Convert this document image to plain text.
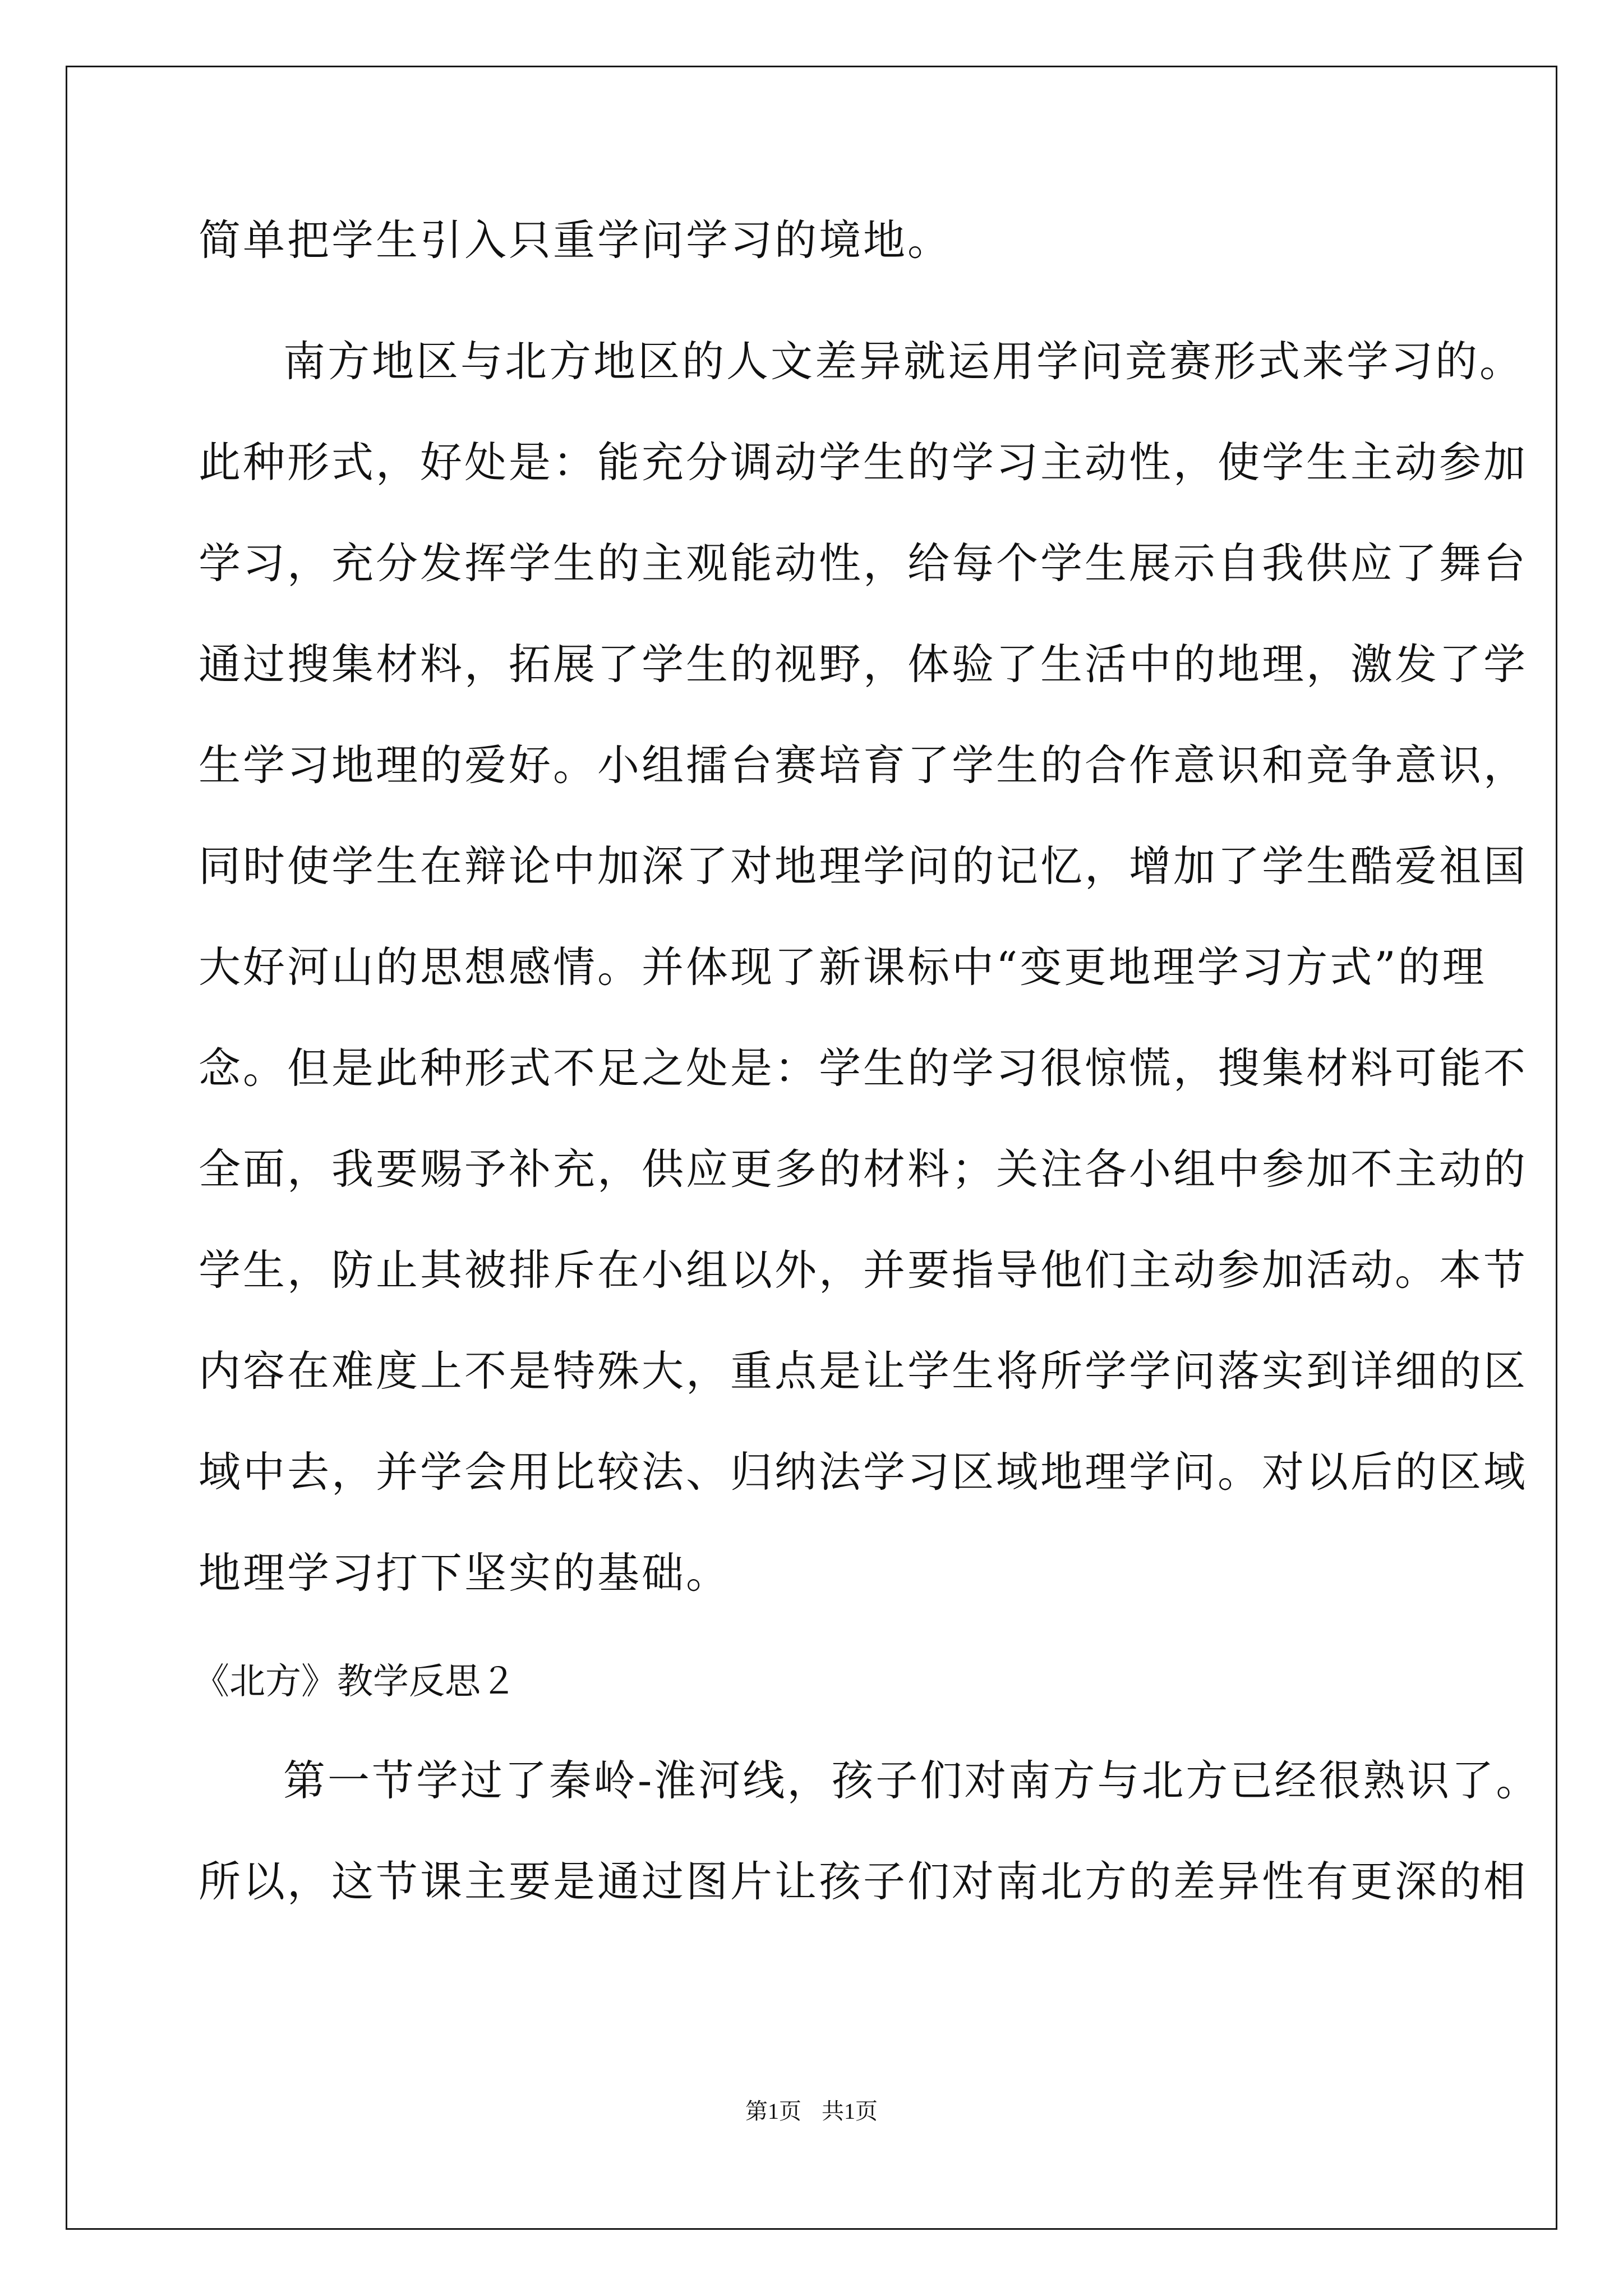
简单把学生引入只重学问学习的境地。

南方地区与北方地区的人文差异就运用学问竞赛形式来学习的。

此种形式，好处是：能充分调动学生的学习主动性，使学生主动参加

学习，充分发挥学生的主观能动性，给每个学生展示自我供应了舞台

通过搜集材料，拓展了学生的视野，体验了生活中的地理，激发了学

生学习地理的爱好。小组擂台赛培育了学生的合作意识和竞争意识，

同时使学生在辩论中加深了对地理学问的记忆，增加了学生酷爱祖国

大好河山的思想感情。并体现了新课标中“变更地理学习方式”的理

念。但是此种形式不足之处是：学生的学习很惊慌，搜集材料可能不

全面，我要赐予补充，供应更多的材料；关注各小组中参加不主动的

学生，防止其被排斥在小组以外，并要指导他们主动参加活动。本节

内容在难度上不是特殊大，重点是让学生将所学学问落实到详细的区

域中去，并学会用比较法、归纳法学习区域地理学问。对以后的区域

地理学习打下坚实的基础。

《北方》教学反思２

第一节学过了秦岭-淮河线，孩子们对南方与北方已经很熟识了。

所以，这节课主要是通过图片让孩子们对南北方的差异性有更深的相

第1页 共1页
